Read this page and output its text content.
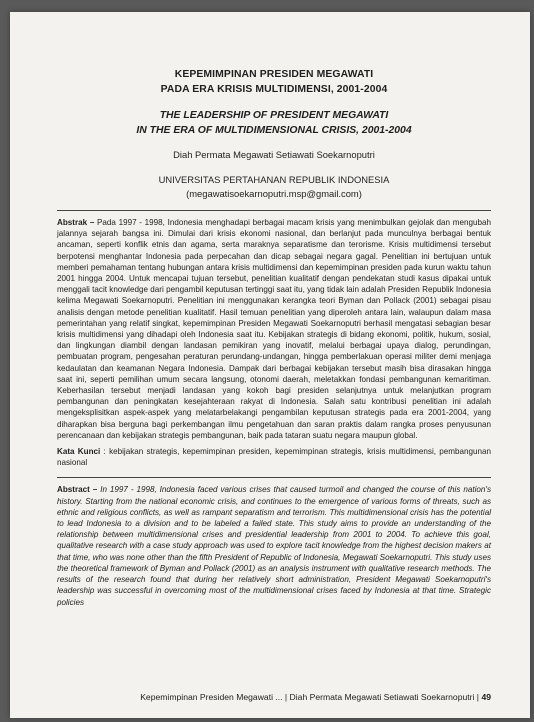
KEPEMIMPINAN PRESIDEN MEGAWATI
PADA ERA KRISIS MULTIDIMENSI, 2001-2004
THE LEADERSHIP OF PRESIDENT MEGAWATI
IN THE ERA OF MULTIDIMENSIONAL CRISIS, 2001-2004
Diah Permata Megawati Setiawati Soekarnoputri
UNIVERSITAS PERTAHANAN REPUBLIK INDONESIA
(megawatisoekarnoputri.msp@gmail.com)
Abstrak – Pada 1997 - 1998, Indonesia menghadapi berbagai macam krisis yang menimbulkan gejolak dan mengubah jalannya sejarah bangsa ini. Dimulai dari krisis ekonomi nasional, dan berlanjut pada munculnya berbagai bentuk ancaman, seperti konflik etnis dan agama, serta maraknya separatisme dan terorisme. Krisis multidimensi tersebut berpotensi menghantar Indonesia pada perpecahan dan dicap sebagai negara gagal. Penelitian ini bertujuan untuk memberi pemahaman tentang hubungan antara krisis multidimensi dan kepemimpinan presiden pada kurun waktu tahun 2001 hingga 2004. Untuk mencapai tujuan tersebut, penelitian kualitatif dengan pendekatan studi kasus dipakai untuk menggali tacit knowledge dari pengambil keputusan tertinggi saat itu, yang tidak lain adalah Presiden Republik Indonesia kelima Megawati Soekarnoputri. Penelitian ini menggunakan kerangka teori Byman dan Pollack (2001) sebagai pisau analisis dengan metode penelitian kualitatif. Hasil temuan penelitian yang diperoleh antara lain, walaupun dalam masa pemerintahan yang relatif singkat, kepemimpinan Presiden Megawati Soekarnoputri berhasil mengatasi sebagian besar krisis multidimensi yang dihadapi oleh Indonesia saat itu. Kebijakan strategis di bidang ekonomi, politik, hukum, sosial, dan lingkungan diambil dengan landasan pemikiran yang inovatif, melalui berbagai upaya dialog, perundingan, pembuatan program, pengesahan peraturan perundang-undangan, hingga pemberlakuan operasi militer demi menjaga kedaulatan dan keamanan Negara Indonesia. Dampak dari berbagai kebijakan tersebut masih bisa dirasakan hingga saat ini, seperti pemilihan umum secara langsung, otonomi daerah, meletakkan fondasi pembangunan kemaritiman. Keberhasilan tersebut menjadi landasan yang kokoh bagi presiden selanjutnya untuk melanjutkan program pembangunan dan peningkatan kesejahteraan rakyat di Indonesia. Salah satu kontribusi penelitian ini adalah mengeksplisitkan aspek-aspek yang melatarbelakangi pengambilan keputusan strategis pada era 2001-2004, yang diharapkan bisa berguna bagi perkembangan ilmu pengetahuan dan saran praktis dalam rangka proses penyusunan perencanaan dan kebijakan strategis pembangunan, baik pada tataran suatu negara maupun global.
Kata Kunci : kebijakan strategis, kepemimpinan presiden, kepemimpinan strategis, krisis multidimensi, pembangunan nasional
Abstract – In 1997 - 1998, Indonesia faced various crises that caused turmoil and changed the course of this nation's history. Starting from the national economic crisis, and continues to the emergence of various forms of threats, such as ethnic and religious conflicts, as well as rampant separatism and terrorism. This multidimensional crisis has the potential to lead Indonesia to a division and to be labeled a failed state. This study aims to provide an understanding of the relationship between multidimensional crises and presidential leadership from 2001 to 2004. To achieve this goal, qualitative research with a case study approach was used to explore tacit knowledge from the highest decision makers at that time, who was none other than the fifth President of Republic of Indonesia, Megawati Soekarnoputri. This study uses the theoretical framework of Byman and Pollack (2001) as an analysis instrument with qualitative research methods. The results of the research found that during her relatively short administration, President Megawati Soekarnoputri's leadership was successful in overcoming most of the multidimensional crises faced by Indonesia at that time. Strategic policies
Kepemimpinan Presiden Megawati ... | Diah Permata Megawati Setiawati Soekarnoputri | 49
